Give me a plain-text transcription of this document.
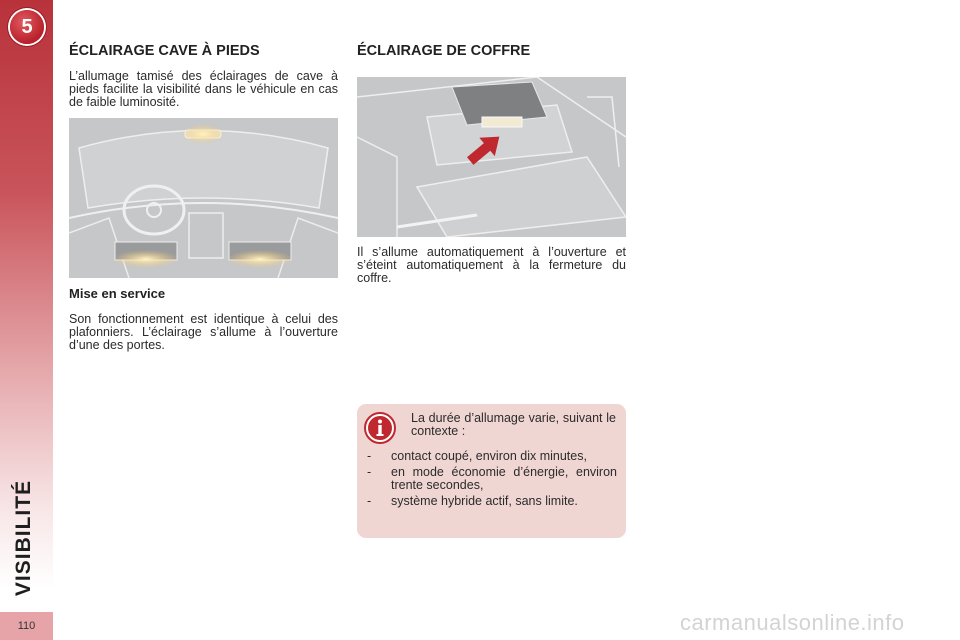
5
VISIBILITÉ
110
ÉCLAIRAGE CAVE À PIEDS

L’allumage tamisé des éclairages de cave à pieds facilite la visibilité dans le véhicule en cas de faible luminosité.

Mise en service

Son fonctionnement est identique à celui des plafonniers. L’éclairage s’allume à l’ouverture d’une des portes.

ÉCLAIRAGE DE COFFRE

Il s’allume automatiquement à l’ouverture et s’éteint automatiquement à la fermeture du coffre.

La durée d’allumage varie, suivant le contexte :

- contact coupé, environ dix minutes,
- en mode économie d’énergie, environ trente secondes,
- système hybride actif, sans limite.
carmanualsonline.info
